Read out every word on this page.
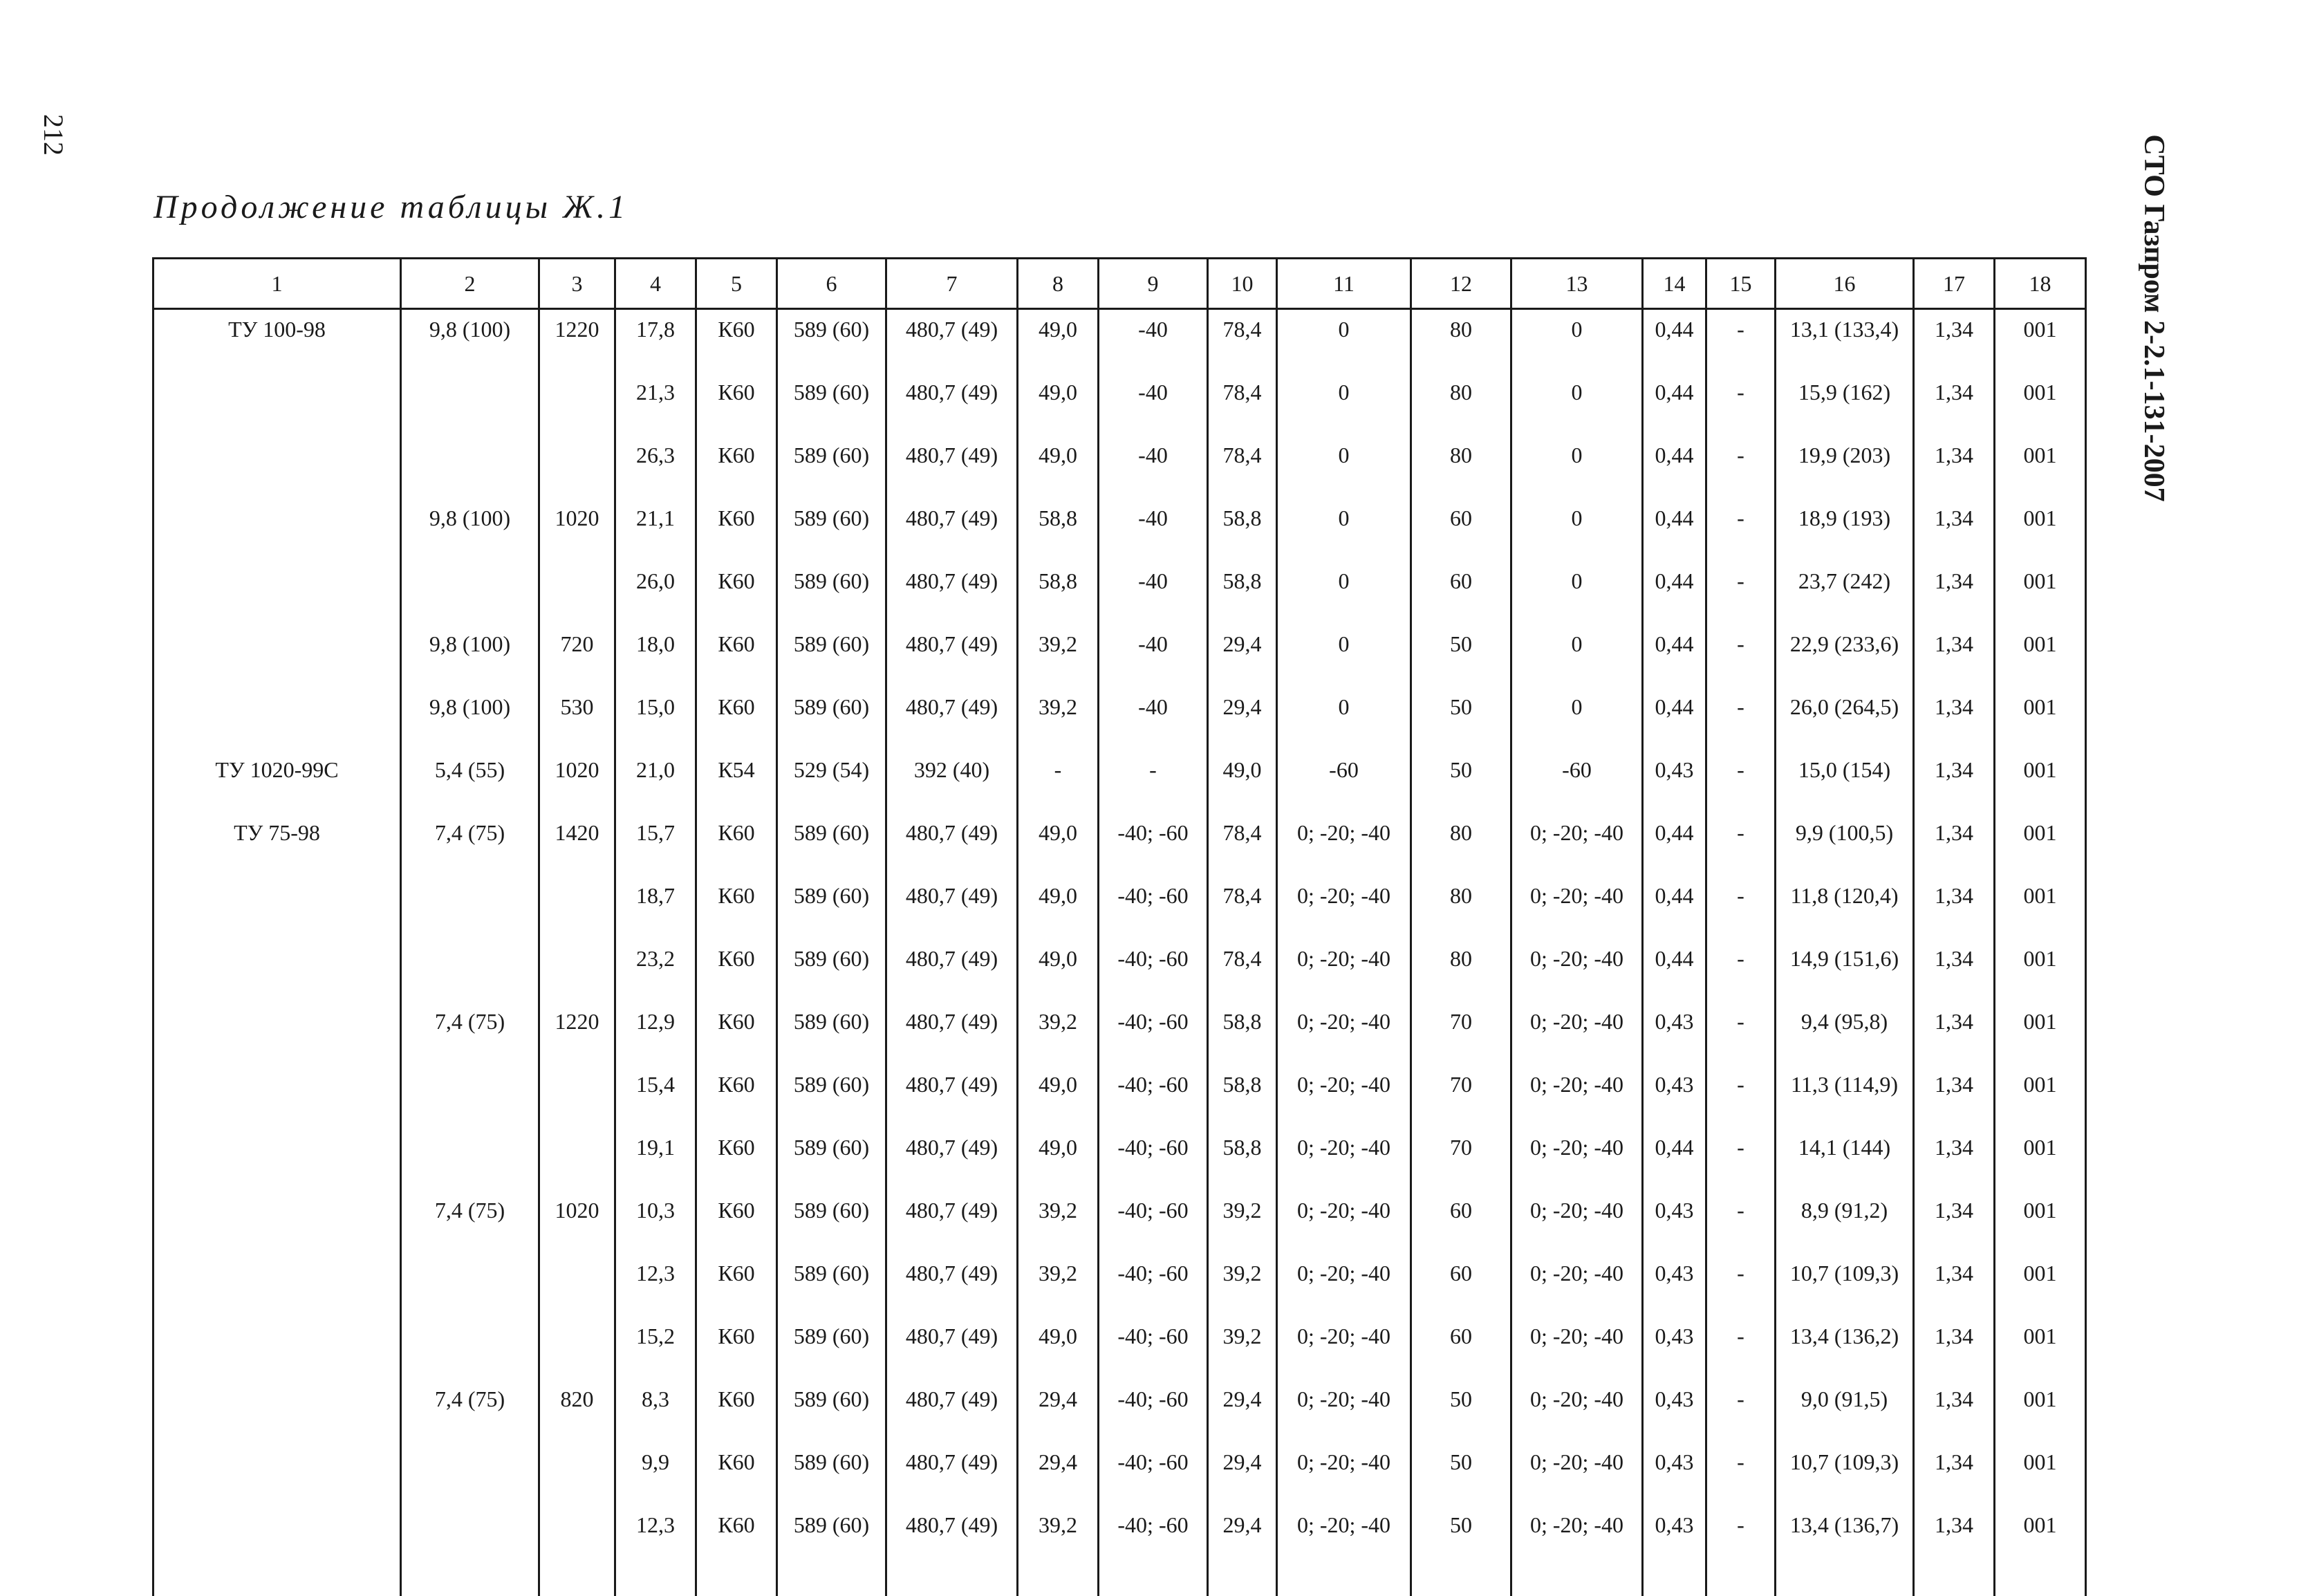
212	СТО Газпром 2-2.1-131-2007
Продолжение таблицы Ж.1
1	2	3	4	5	6	7	8	9	10	11	12	13	14	15	16	17	18
ТУ 100-98	9,8 (100)	1220	17,8	К60	589 (60)	480,7 (49)	49,0	-40	78,4	0	80	0	0,44	-	13,1 (133,4)	1,34	001
			21,3	К60	589 (60)	480,7 (49)	49,0	-40	78,4	0	80	0	0,44	-	15,9 (162)	1,34	001
			26,3	К60	589 (60)	480,7 (49)	49,0	-40	78,4	0	80	0	0,44	-	19,9 (203)	1,34	001
	9,8 (100)	1020	21,1	К60	589 (60)	480,7 (49)	58,8	-40	58,8	0	60	0	0,44	-	18,9 (193)	1,34	001
			26,0	К60	589 (60)	480,7 (49)	58,8	-40	58,8	0	60	0	0,44	-	23,7 (242)	1,34	001
	9,8 (100)	720	18,0	К60	589 (60)	480,7 (49)	39,2	-40	29,4	0	50	0	0,44	-	22,9 (233,6)	1,34	001
	9,8 (100)	530	15,0	К60	589 (60)	480,7 (49)	39,2	-40	29,4	0	50	0	0,44	-	26,0 (264,5)	1,34	001
ТУ 1020-99С	5,4 (55)	1020	21,0	К54	529 (54)	392 (40)	-	-	49,0	-60	50	-60	0,43	-	15,0 (154)	1,34	001
ТУ 75-98	7,4 (75)	1420	15,7	К60	589 (60)	480,7 (49)	49,0	-40; -60	78,4	0; -20; -40	80	0; -20; -40	0,44	-	9,9 (100,5)	1,34	001
			18,7	К60	589 (60)	480,7 (49)	49,0	-40; -60	78,4	0; -20; -40	80	0; -20; -40	0,44	-	11,8 (120,4)	1,34	001
			23,2	К60	589 (60)	480,7 (49)	49,0	-40; -60	78,4	0; -20; -40	80	0; -20; -40	0,44	-	14,9 (151,6)	1,34	001
	7,4 (75)	1220	12,9	К60	589 (60)	480,7 (49)	39,2	-40; -60	58,8	0; -20; -40	70	0; -20; -40	0,43	-	9,4 (95,8)	1,34	001
			15,4	К60	589 (60)	480,7 (49)	49,0	-40; -60	58,8	0; -20; -40	70	0; -20; -40	0,43	-	11,3 (114,9)	1,34	001
			19,1	К60	589 (60)	480,7 (49)	49,0	-40; -60	58,8	0; -20; -40	70	0; -20; -40	0,44	-	14,1 (144)	1,34	001
	7,4 (75)	1020	10,3	К60	589 (60)	480,7 (49)	39,2	-40; -60	39,2	0; -20; -40	60	0; -20; -40	0,43	-	8,9 (91,2)	1,34	001
			12,3	К60	589 (60)	480,7 (49)	39,2	-40; -60	39,2	0; -20; -40	60	0; -20; -40	0,43	-	10,7 (109,3)	1,34	001
			15,2	К60	589 (60)	480,7 (49)	49,0	-40; -60	39,2	0; -20; -40	60	0; -20; -40	0,43	-	13,4 (136,2)	1,34	001
	7,4 (75)	820	8,3	К60	589 (60)	480,7 (49)	29,4	-40; -60	29,4	0; -20; -40	50	0; -20; -40	0,43	-	9,0 (91,5)	1,34	001
			9,9	К60	589 (60)	480,7 (49)	29,4	-40; -60	29,4	0; -20; -40	50	0; -20; -40	0,43	-	10,7 (109,3)	1,34	001
			12,3	К60	589 (60)	480,7 (49)	39,2	-40; -60	29,4	0; -20; -40	50	0; -20; -40	0,43	-	13,4 (136,7)	1,34	001
